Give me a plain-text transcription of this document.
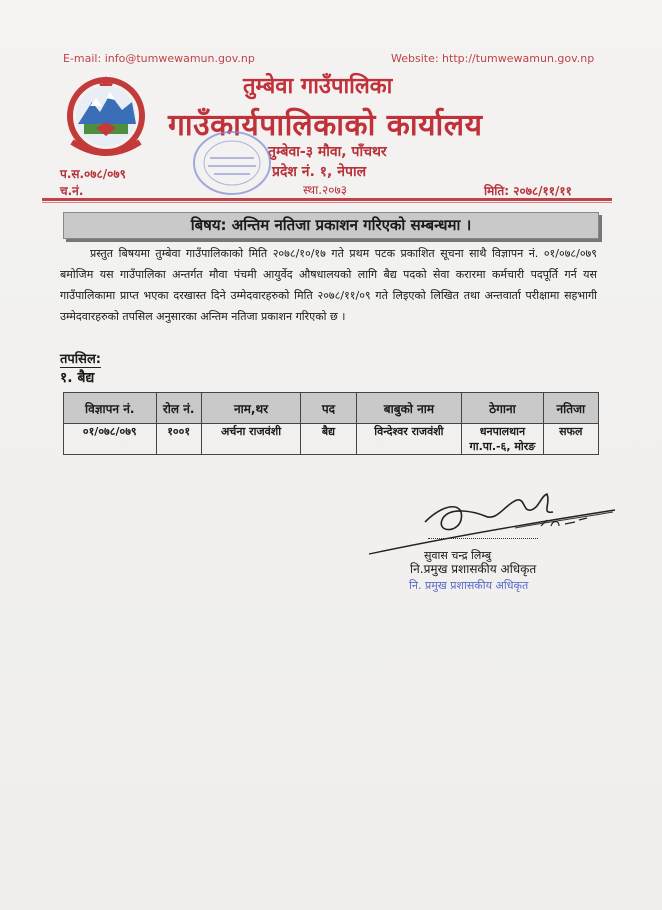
E-mail: info@tumwewamun.gov.np	Website: http://tumwewamun.gov.np
तुम्बेवा गाउँपालिका
गाउँकार्यपालिकाको कार्यालय
तुम्बेवा-३ मौवा, पाँचथर
प्रदेश नं. १, नेपाल
स्था.२०७३
प.स.०७८/०७९
च.नं.	मिति: २०७८/११/११
बिषय: अन्तिम नतिजा प्रकाशन गरिएको सम्बन्धमा ।
प्रस्तुत बिषयमा तुम्बेवा गाउँपालिकाको मिति २०७८/१०/१७ गते प्रथम पटक प्रकाशित सूचना साथै विज्ञापन नं. ०१/०७८/०७९ बमोजिम यस गाउँपालिका अन्तर्गत मौवा पंचमी आयुर्वेद औषधालयको लागि बैद्य पदको सेवा करारमा कर्मचारी पदपूर्ति गर्न यस गाउँपालिकामा प्राप्त भएका दरखास्त दिने उम्मेदवारहरुको मिति २०७८/११/०९ गते लिइएको लिखित तथा अन्तवार्ता परीक्षामा सहभागी उम्मेदवारहरुको तपसिल अनुसारका अन्तिम नतिजा प्रकाशन गरिएको छ ।
तपसिल:
१. बैद्य
विज्ञापन नं.	रोल नं.	नाम,थर	पद	बाबुको नाम	ठेगाना	नतिजा
०१/०७८/०७९	१००१	अर्चना राजवंशी	बैद्य	विन्देश्वर राजवंशी	धनपालथान गा.पा.-६, मोरङ	सफल
सुवास चन्द्र लिम्बु
नि.प्रमुख प्रशासकीय अधिकृत
नि. प्रमुख प्रशासकीय अधिकृत
